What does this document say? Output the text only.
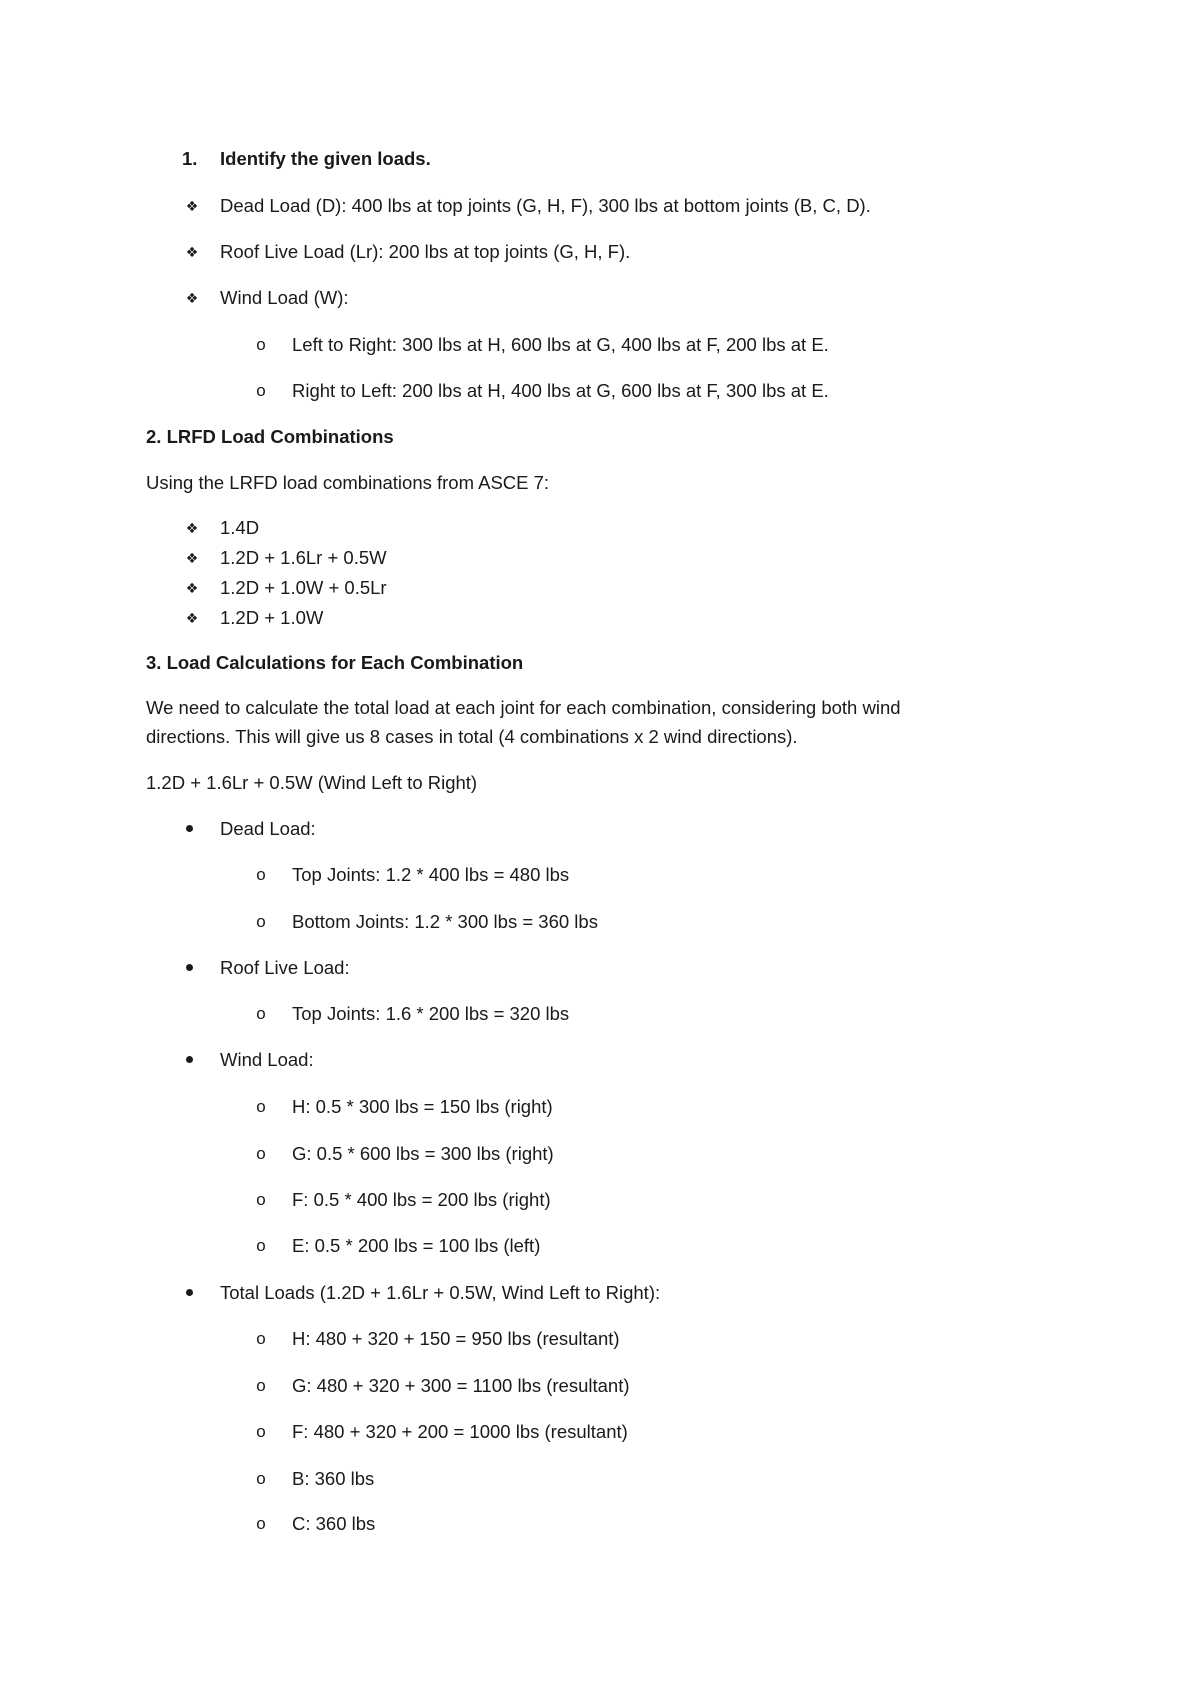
1. Identify the given loads.
❖ Dead Load (D): 400 lbs at top joints (G, H, F), 300 lbs at bottom joints (B, C, D).
❖ Roof Live Load (Lr): 200 lbs at top joints (G, H, F).
❖ Wind Load (W):
o Left to Right: 300 lbs at H, 600 lbs at G, 400 lbs at F, 200 lbs at E.
o Right to Left: 200 lbs at H, 400 lbs at G, 600 lbs at F, 300 lbs at E.
2. LRFD Load Combinations
Using the LRFD load combinations from ASCE 7:
❖ 1.4D
❖ 1.2D + 1.6Lr + 0.5W
❖ 1.2D + 1.0W + 0.5Lr
❖ 1.2D + 1.0W
3. Load Calculations for Each Combination
We need to calculate the total load at each joint for each combination, considering both wind
directions. This will give us 8 cases in total (4 combinations x 2 wind directions).
1.2D + 1.6Lr + 0.5W (Wind Left to Right)
Dead Load:
o Top Joints: 1.2 * 400 lbs = 480 lbs
o Bottom Joints: 1.2 * 300 lbs = 360 lbs
Roof Live Load:
o Top Joints: 1.6 * 200 lbs = 320 lbs
Wind Load:
o H: 0.5 * 300 lbs = 150 lbs (right)
o G: 0.5 * 600 lbs = 300 lbs (right)
o F: 0.5 * 400 lbs = 200 lbs (right)
o E: 0.5 * 200 lbs = 100 lbs (left)
Total Loads (1.2D + 1.6Lr + 0.5W, Wind Left to Right):
o H: 480 + 320 + 150 = 950 lbs (resultant)
o G: 480 + 320 + 300 = 1100 lbs (resultant)
o F: 480 + 320 + 200 = 1000 lbs (resultant)
o B: 360 lbs
o C: 360 lbs
